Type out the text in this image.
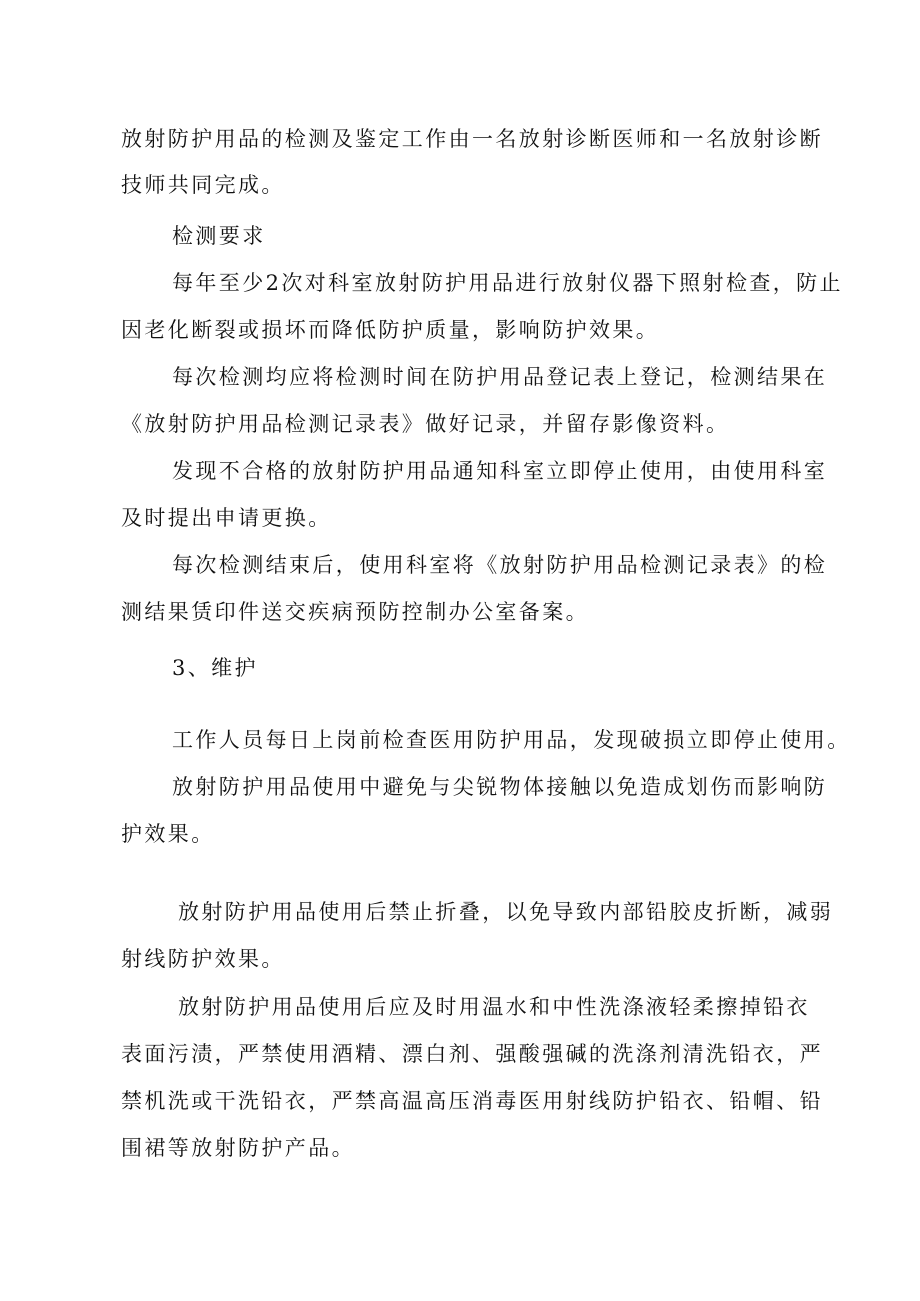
放射防护用品的检测及鉴定工作由一名放射诊断医师和一名放射诊断
技师共同完成。
检测要求
每年至少2次对科室放射防护用品进行放射仪器下照射检查，防止
因老化断裂或损坏而降低防护质量，影响防护效果。
每次检测均应将检测时间在防护用品登记表上登记，检测结果在
《放射防护用品检测记录表》做好记录，并留存影像资料。
发现不合格的放射防护用品通知科室立即停止使用，由使用科室
及时提出申请更换。
每次检测结束后，使用科室将《放射防护用品检测记录表》的检
测结果赁印件送交疾病预防控制办公室备案。
3、维护
工作人员每日上岗前检查医用防护用品，发现破损立即停止使用。
放射防护用品使用中避免与尖锐物体接触以免造成划伤而影响防
护效果。
放射防护用品使用后禁止折叠，以免导致内部铅胶皮折断，减弱
射线防护效果。
放射防护用品使用后应及时用温水和中性洗涤液轻柔擦掉铅衣
表面污渍，严禁使用酒精、漂白剂、强酸强碱的洗涤剂清洗铅衣，严
禁机洗或干洗铅衣，严禁高温高压消毒医用射线防护铅衣、铅帽、铅
围裙等放射防护产品。
